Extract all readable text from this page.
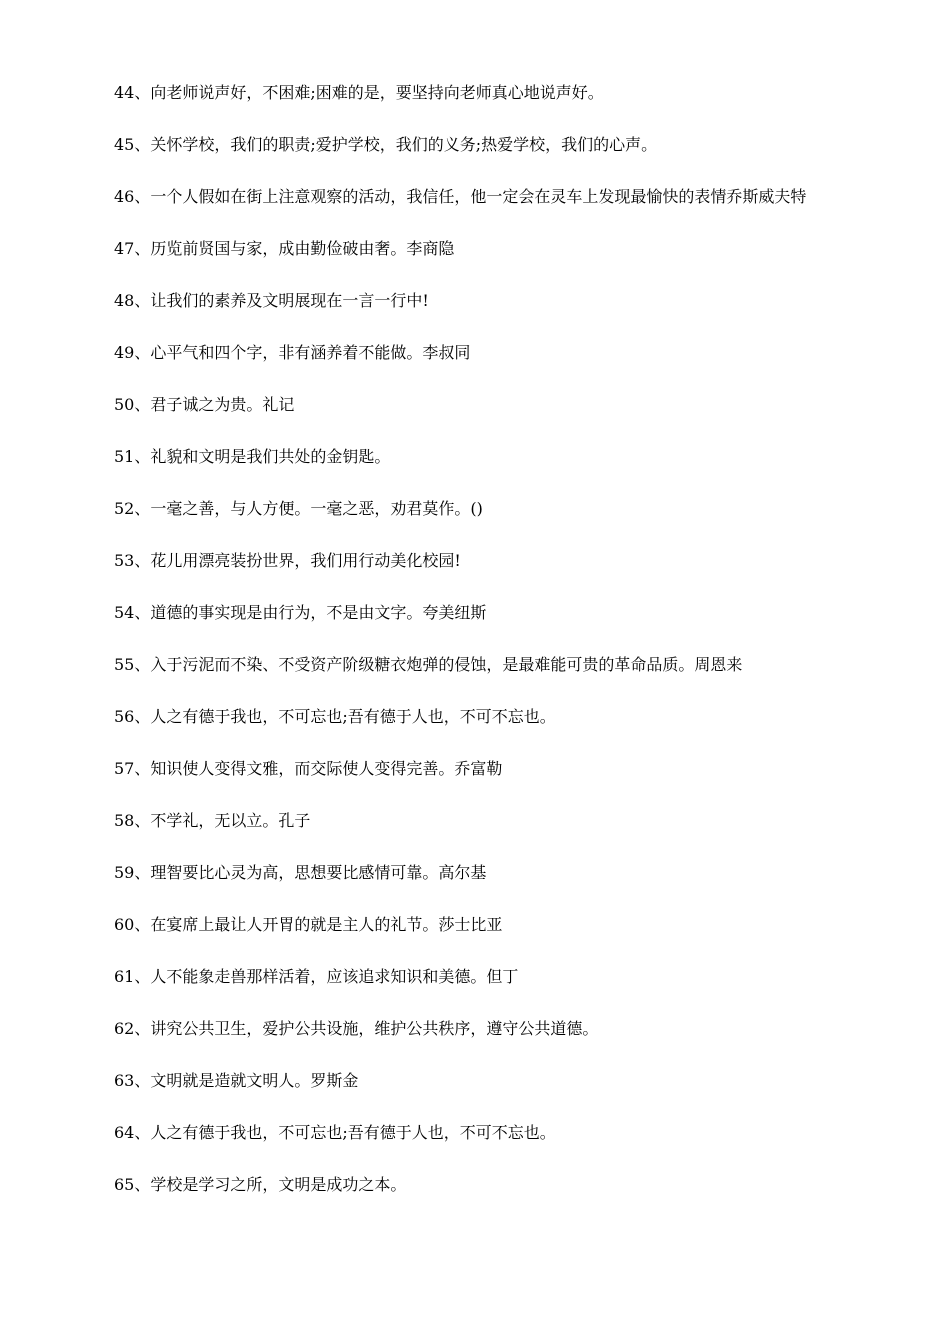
44、向老师说声好，不困难;困难的是，要坚持向老师真心地说声好。

45、关怀学校，我们的职责;爱护学校，我们的义务;热爱学校，我们的心声。

46、一个人假如在街上注意观察的活动，我信任，他一定会在灵车上发现最愉快的表情乔斯威夫特

47、历览前贤国与家，成由勤俭破由奢。李商隐

48、让我们的素养及文明展现在一言一行中!

49、心平气和四个字，非有涵养着不能做。李叔同

50、君子诚之为贵。礼记

51、礼貌和文明是我们共处的金钥匙。

52、一毫之善，与人方便。一毫之恶，劝君莫作。()

53、花儿用漂亮装扮世界，我们用行动美化校园!

54、道德的事实现是由行为，不是由文字。夸美纽斯

55、入于污泥而不染、不受资产阶级糖衣炮弹的侵蚀，是最难能可贵的革命品质。周恩来

56、人之有德于我也，不可忘也;吾有德于人也，不可不忘也。

57、知识使人变得文雅，而交际使人变得完善。乔富勒

58、不学礼，无以立。孔子

59、理智要比心灵为高，思想要比感情可靠。高尔基

60、在宴席上最让人开胃的就是主人的礼节。莎士比亚

61、人不能象走兽那样活着，应该追求知识和美德。但丁

62、讲究公共卫生，爱护公共设施，维护公共秩序，遵守公共道德。

63、文明就是造就文明人。罗斯金

64、人之有德于我也，不可忘也;吾有德于人也，不可不忘也。

65、学校是学习之所，文明是成功之本。
